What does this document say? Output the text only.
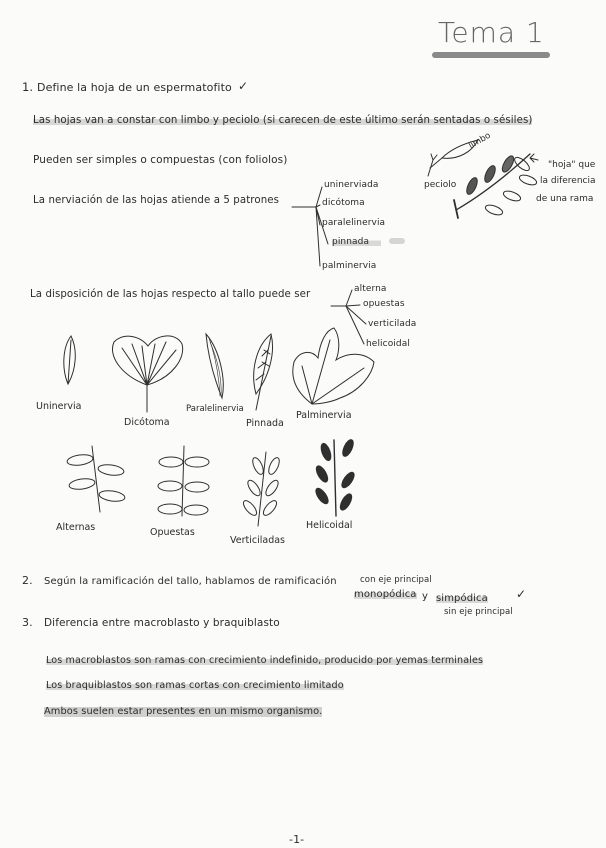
Tema 1
1. Define la hoja de un espermatofito ✓
Las hojas van a constar con limbo y peciolo (si carecen de este último serán sentadas o sésiles)
Pueden ser simples o compuestas (con foliolos)
La nerviación de las hojas atiende a 5 patrones
uninerviada
dicótoma
paralelinervia
pinnada
palminervia
La disposición de las hojas respecto al tallo puede ser	alterna
opuestas
verticilada
helicoidal
Uninervia
Dicótoma
Paralelinervia
Pinnada
Palminervia
Alternas	Opuestas
Verticiladas
Helicoidal
limbo
peciolo
"hoja" que
la diferencia
de una rama
2. Según la ramificación del tallo, hablamos de ramificación
monopódica y simpódica
con eje principal
sin eje principal
✓
3. Diferencia entre macroblasto y braquiblasto
Los macroblastos son ramas con crecimiento indefinido, producido por yemas terminales
Los braquiblastos son ramas cortas con crecimiento limitado
Ambos suelen estar presentes en un mismo organismo.
-1-
